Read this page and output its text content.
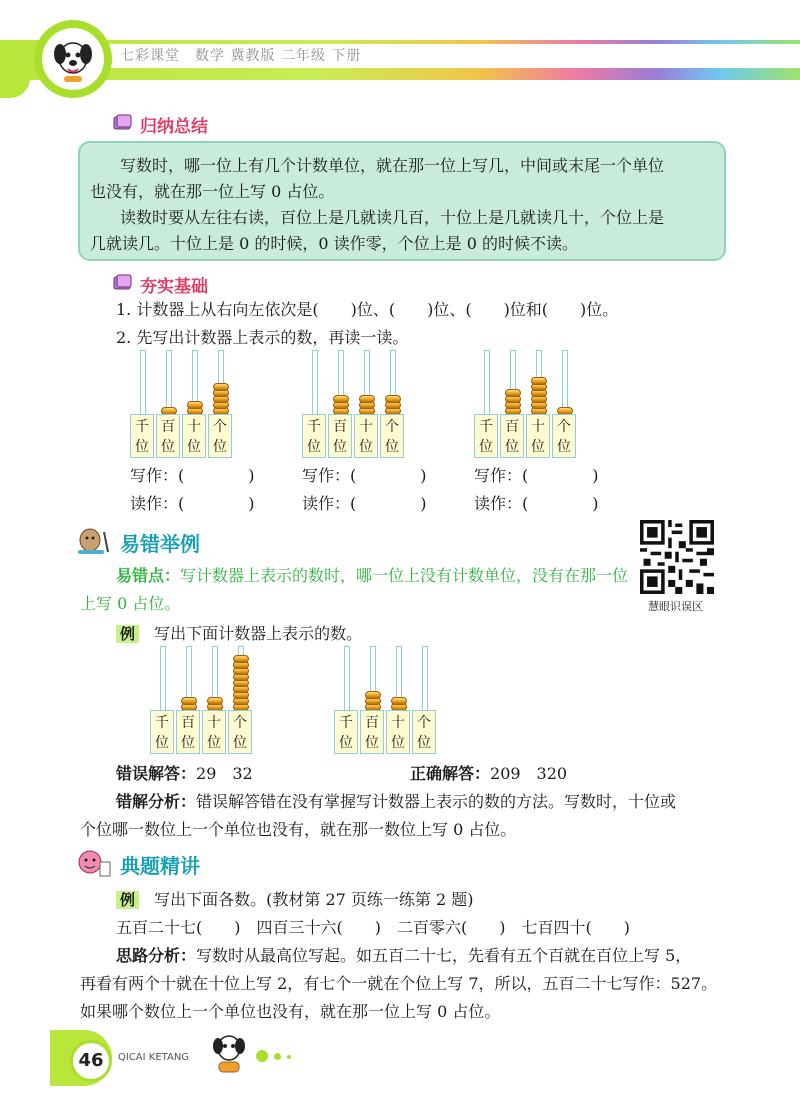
七彩课堂　数学 冀教版 二年级 下册
归纳总结
写数时，哪一位上有几个计数单位，就在那一位上写几，中间或末尾一个单位
也没有，就在那一位上写 0 占位。
读数时要从左往右读，百位上是几就读几百，十位上是几就读几十，个位上是
几就读几。十位上是 0 的时候，0 读作零，个位上是 0 的时候不读。
夯实基础
1. 计数器上从右向左依次是(　　)位、(　　)位、(　　)位和(　　)位。
2. 先写出计数器上表示的数，再读一读。
千
位
百
位
十
位
个
位
千
位
百
位
十
位
个
位
千
位
百
位
十
位
个
位
写作：(　　　　)
读作：(　　　　)
写作：(　　　　)
读作：(　　　　)
写作：(　　　　)
读作：(　　　　)
易错举例
慧眼识误区
易错点：写计数器上表示的数时，哪一位上没有计数单位，没有在那一位
上写 0 占位。
例 写出下面计数器上表示的数。
千
位
百
位
十
位
个
位
千
位
百
位
十
位
个
位
错误解答：29　32	正确解答：209　320
错解分析：错误解答错在没有掌握写计数器上表示的数的方法。写数时，十位或
个位哪一数位上一个单位也没有，就在那一数位上写 0 占位。
典题精讲
例 写出下面各数。(教材第 27 页练一练第 2 题)
五百二十七(　　)　四百三十六(　　)　二百零六(　　)　七百四十(　　)
思路分析：写数时从最高位写起。如五百二十七，先看有五个百就在百位上写 5，
再看有两个十就在十位上写 2，有七个一就在个位上写 7，所以，五百二十七写作：527。
如果哪个数位上一个单位也没有，就在那一位上写 0 占位。
46	QICAI KETANG
